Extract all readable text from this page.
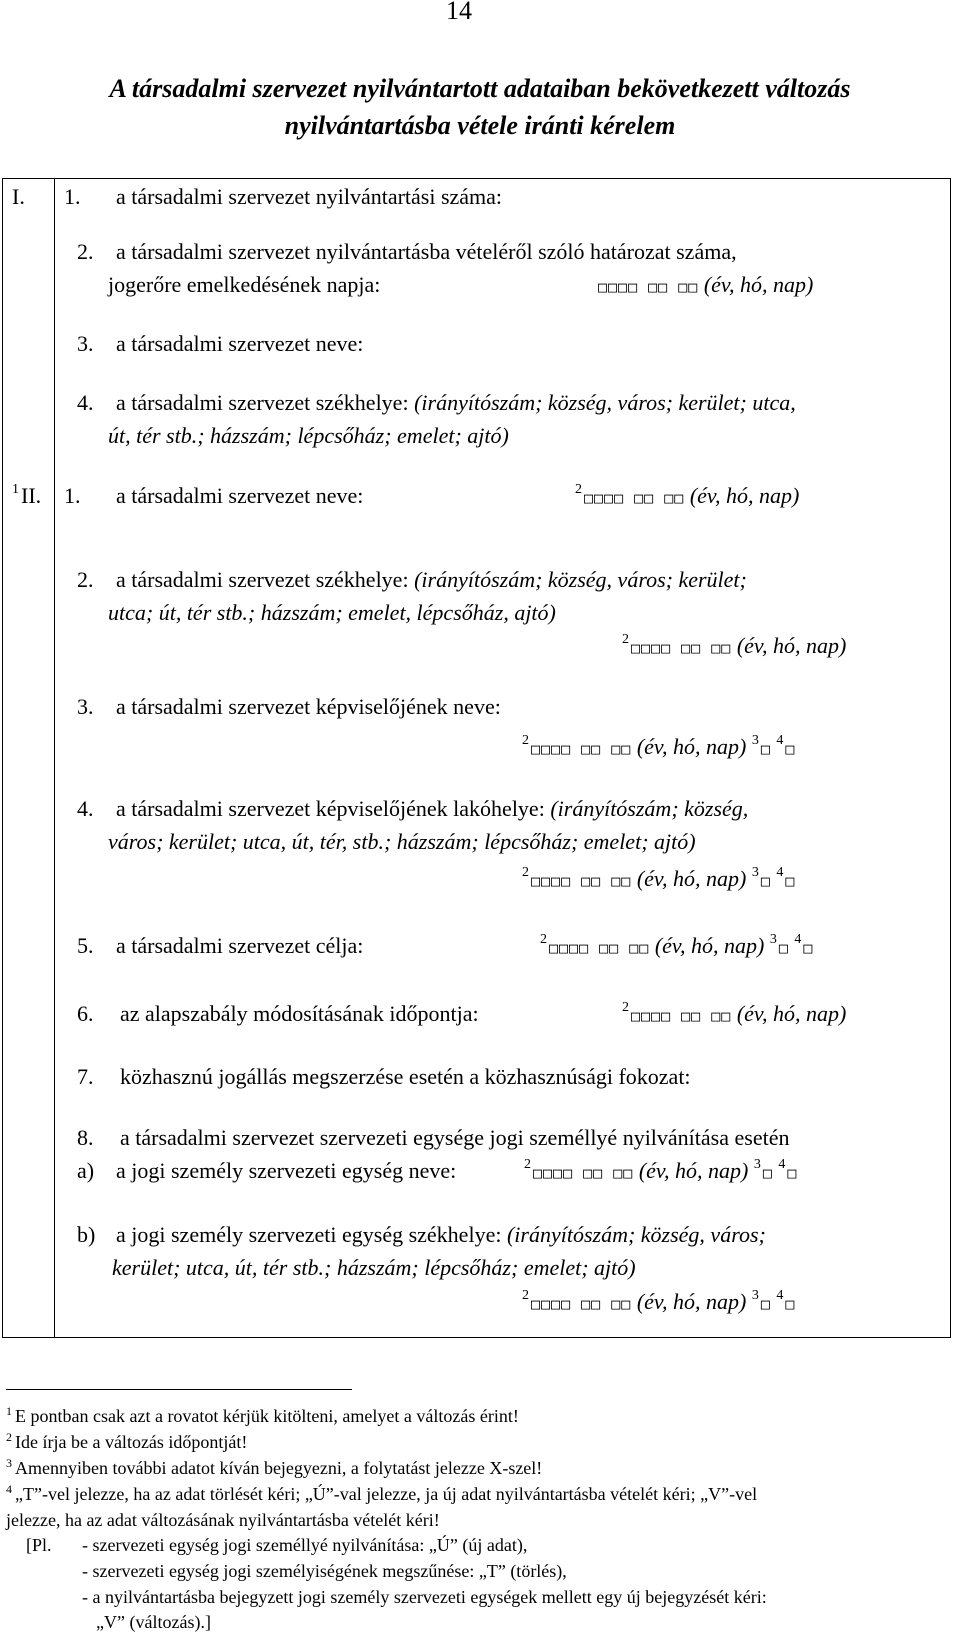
14
A társadalmi szervezet nyilvántartott adataiban bekövetkezett változás
nyilvántartásba vétele iránti kérelem
I. 1. a társadalmi szervezet nyilvántartási száma:
2. a társadalmi szervezet nyilvántartásba vételéről szóló határozat száma,
jogerőre emelkedésének napja:	□□□□ □□ □□ (év, hó, nap)
3. a társadalmi szervezet neve:
4. a társadalmi szervezet székhelye: (irányítószám; község, város; kerület; utca,
út, tér stb.; házszám; lépcsőház; emelet; ajtó)
$^1$II. 1. a társadalmi szervezet neve:	$^2$ □□□□ □□ □□ (év, hó, nap)
2. a társadalmi szervezet székhelye: (irányítószám; község, város; kerület;
utca; út, tér stb.; házszám; emelet, lépcsőház, ajtó)
$^2$ □□□□ □□ □□ (év, hó, nap)
3. a társadalmi szervezet képviselőjének neve:
$^2$ □□□□ □□ □□ (év, hó, nap) $^3$ □ $^4$ □
4. a társadalmi szervezet képviselőjének lakóhelye: (irányítószám; község,
város; kerület; utca, út, tér, stb.; házszám; lépcsőház; emelet; ajtó)
$^2$ □□□□ □□ □□ (év, hó, nap) $^3$ □ $^4$ □
5. a társadalmi szervezet célja:	$^2$ □□□□ □□ □□ (év, hó, nap) $^3$ □ $^4$ □
6. az alapszabály módosításának időpontja:	$^2$ □□□□ □□ □□ (év, hó, nap)
7. közhasznú jogállás megszerzése esetén a közhasznúsági fokozat:
8. a társadalmi szervezet szervezeti egysége jogi személlyé nyilvánítása esetén
a) a jogi személy szervezeti egység neve:	$^2$ □□□□ □□ □□ (év, hó, nap) $^3$ □ $^4$ □
b) a jogi személy szervezeti egység székhelye: (irányítószám; község, város;
kerület; utca, út, tér stb.; házszám; lépcsőház; emelet; ajtó)
$^2$ □□□□ □□ □□ (év, hó, nap) $^3$ □ $^4$ □
$^1$ E pontban csak azt a rovatot kérjük kitölteni, amelyet a változás érint!
$^2$ Ide írja be a változás időpontját!
$^3$ Amennyiben további adatot kíván bejegyezni, a folytatást jelezze X-szel!
$^4$ „T”-vel jelezze, ha az adat törlését kéri; „Ú”-val jelezze, ja új adat nyilvántartásba vételét kéri; „V”-vel
jelezze, ha az adat változásának nyilvántartásba vételét kéri!
[Pl. - szervezeti egység jogi személlyé nyilvánítása: „Ú” (új adat),
- szervezeti egység jogi személyiségének megszűnése: „T” (törlés),
- a nyilvántartásba bejegyzett jogi személy szervezeti egységek mellett egy új bejegyzését kéri:
„V” (változás).]
